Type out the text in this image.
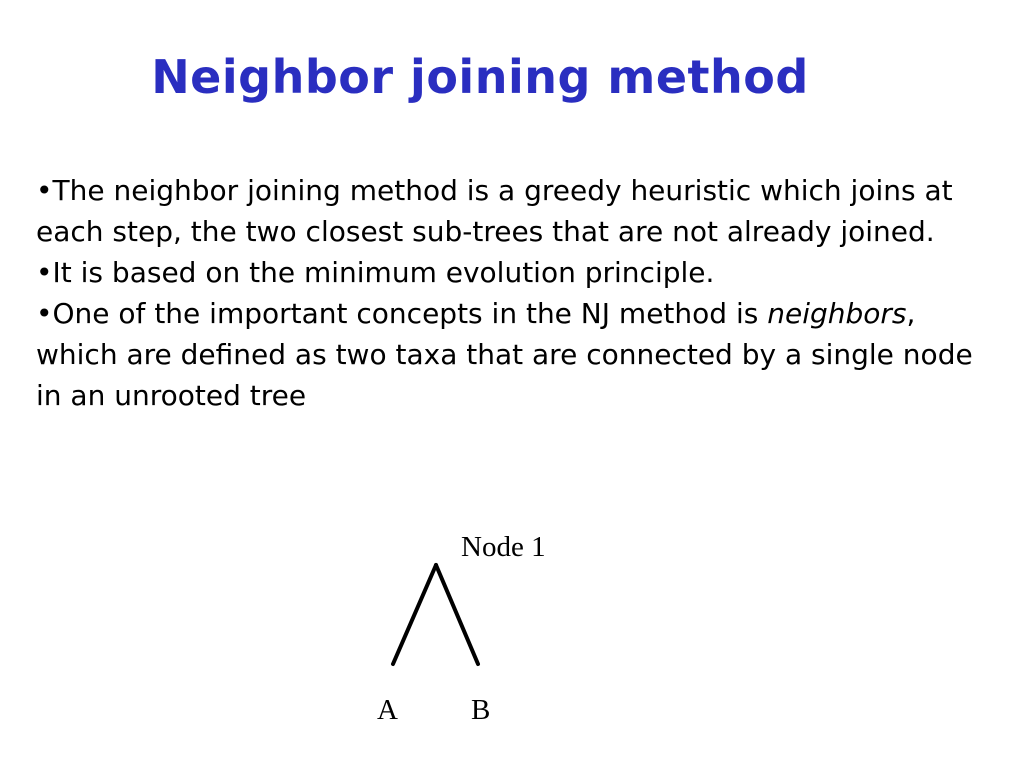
Neighbor joining method

•The neighbor joining method is a greedy heuristic which joins at each step, the two closest sub-trees that are not already joined.

•It is based on the minimum evolution principle.

•One of the important concepts in the NJ method is neighbors, which are defined as two taxa that are connected by a single node in an unrooted tree

Node 1
A	B
